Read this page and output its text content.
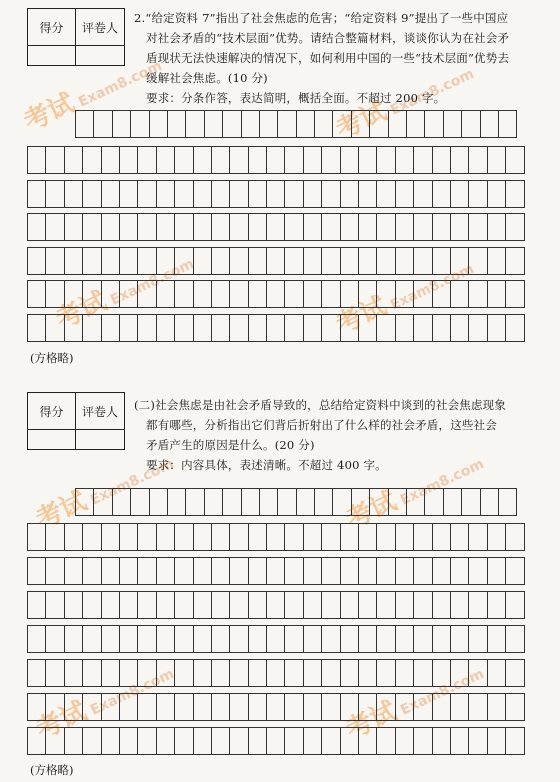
考试 Exam8.com
考试 Exam8.com
考试 Exam8.com
考试 Exam8.com
考试 Exam8.com
考试 Exam8.com
考试 Exam8.com
考试 Exam8.com
得分	评卷人

2.“给定资料 7”指出了社会焦虑的危害；“给定资料 9”提出了一些中国应

对社会矛盾的“技术层面”优势。请结合整篇材料，谈谈你认为在社会矛

盾现状无法快速解决的情况下，如何利用中国的一些“技术层面”优势去

缓解社会焦虑。(10 分)

要求：分条作答，表达简明，概括全面。不超过 200 字。

(方格略)
得分	评卷人	(二)社会焦虑是由社会矛盾导致的，总结给定资料中谈到的社会焦虑现象

都有哪些，分析指出它们背后折射出了什么样的社会矛盾，这些社会

矛盾产生的原因是什么。(20 分)

要求：内容具体，表述清晰。不超过 400 字。

(方格略)
